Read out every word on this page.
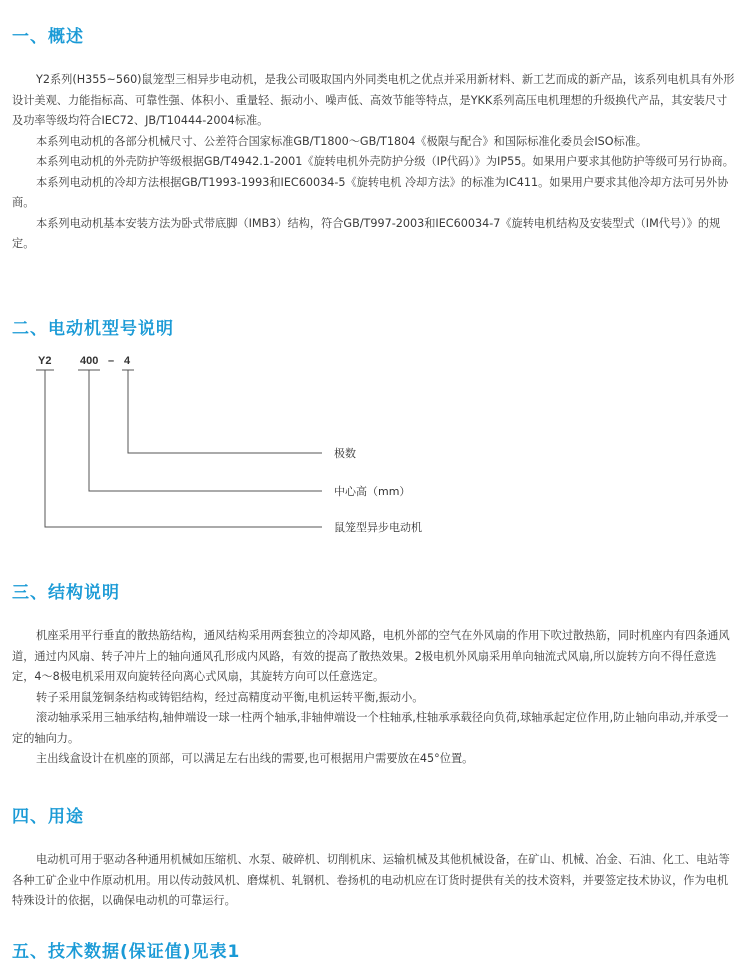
一、概述

Y2系列(H355~560)鼠笼型三相异步电动机，是我公司吸取国内外同类电机之优点并采用新材料、新工艺而成的新产品，该系列电机具有外形设计美观、力能指标高、可靠性强、体积小、重量轻、振动小、噪声低、高效节能等特点，是YKK系列高压电机理想的升级换代产品，其安装尺寸及功率等级均符合IEC72、JB/T10444-2004标准。

本系列电动机的各部分机械尺寸、公差符合国家标准GB/T1800～GB/T1804《极限与配合》和国际标准化委员会ISO标准。

本系列电动机的外壳防护等级根据GB/T4942.1-2001《旋转电机外壳防护分级（IP代码）》为IP55。如果用户要求其他防护等级可另行协商。

本系列电动机的冷却方法根据GB/T1993-1993和IEC60034-5《旋转电机 冷却方法》的标准为IC411。如果用户要求其他冷却方法可另外协商。

本系列电动机基本安装方法为卧式带底脚（IMB3）结构，符合GB/T997-2003和IEC60034-7《旋转电机结构及安装型式（IM代号）》的规定。

二、电动机型号说明
Y2	400 – 4
极数
中心高（mm）
鼠笼型异步电动机
三、结构说明

机座采用平行垂直的散热筋结构，通风结构采用两套独立的冷却风路，电机外部的空气在外风扇的作用下吹过散热筋，同时机座内有四条通风道，通过内风扇、转子冲片上的轴向通风孔形成内风路，有效的提高了散热效果。2极电机外风扇采用单向轴流式风扇,所以旋转方向不得任意选定，4～8极电机采用双向旋转径向离心式风扇，其旋转方向可以任意选定。

转子采用鼠笼铜条结构或铸铝结构，经过高精度动平衡,电机运转平衡,振动小。

滚动轴承采用三轴承结构,轴伸端设一球一柱两个轴承,非轴伸端设一个柱轴承,柱轴承承载径向负荷,球轴承起定位作用,防止轴向串动,并承受一定的轴向力。

主出线盒设计在机座的顶部，可以满足左右出线的需要,也可根据用户需要放在45°位置。

四、用途

电动机可用于驱动各种通用机械如压缩机、水泵、破碎机、切削机床、运输机械及其他机械设备，在矿山、机械、冶金、石油、化工、电站等各种工矿企业中作原动机用。用以传动鼓风机、磨煤机、轧钢机、卷扬机的电动机应在订货时提供有关的技术资料，并要签定技术协议，作为电机特殊设计的依据，以确保电动机的可靠运行。

五、技术数据(保证值)见表1
